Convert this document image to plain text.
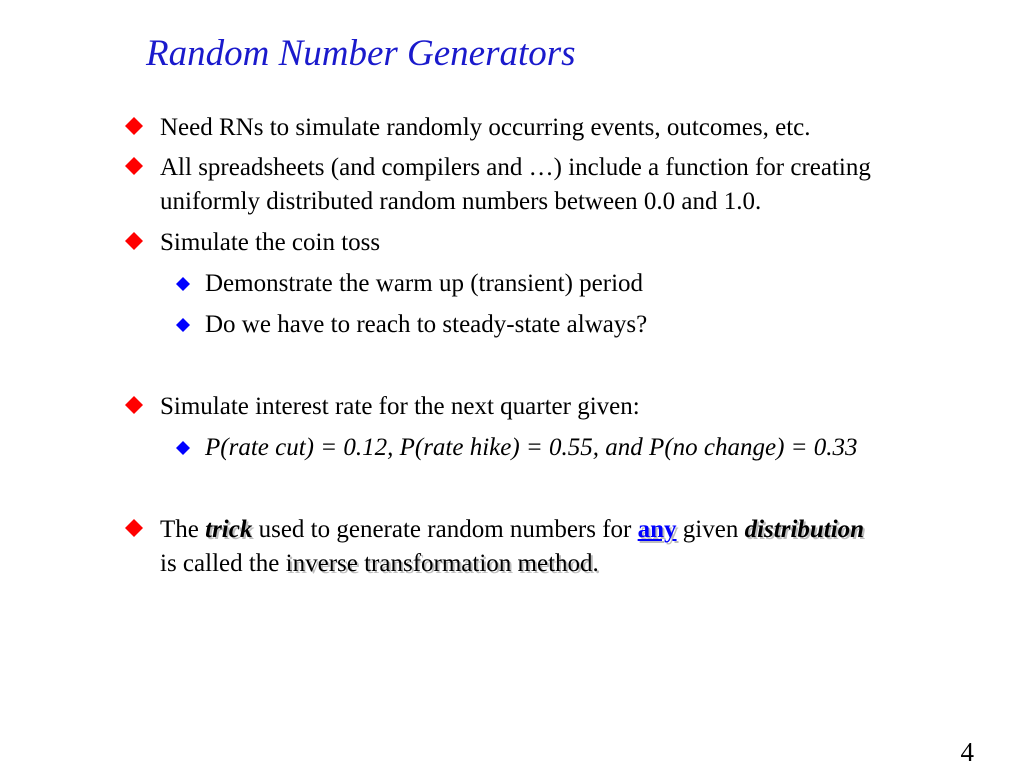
Random Number Generators
Need RNs to simulate randomly occurring events, outcomes, etc.
All spreadsheets (and compilers and …) include a function for creating
uniformly distributed random numbers between 0.0 and 1.0.
Simulate the coin toss
Demonstrate the warm up (transient) period
Do we have to reach to steady-state always?
Simulate interest rate for the next quarter given:
P(rate cut) = 0.12, P(rate hike) = 0.55, and P(no change) = 0.33
The trick used to generate random numbers for any given distribution
is called the inverse transformation method.
4
